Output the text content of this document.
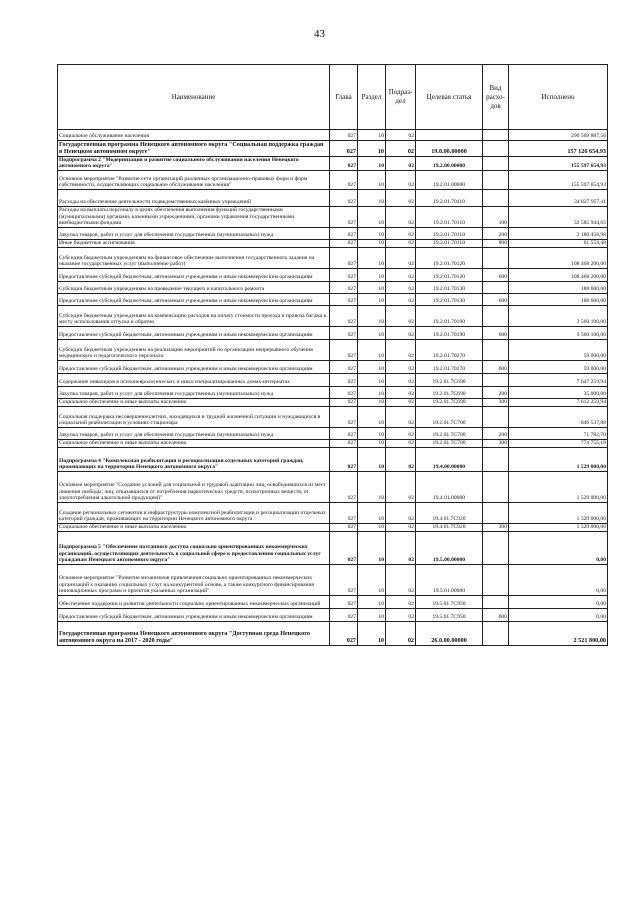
43
Наименование	Глава	Раздел	Подраз-дел	Целевая статья	Вид расхо-дов	Исполнено
Социальное обслуживание населения	027	10	02			290 569 887,56
Государственная программа Ненецкого автономного округа "Социальная поддержка граждан в Ненецком автономном округе"	027	10	02	19.0.00.00000		157 126 654,93
Подпрограмма 2 "Модернизация и развитие социального обслуживания населения Ненецкого автономного округа"	027	10	02	19.2.00.00000		155 597 654,93
Основное мероприятие "Развитие сети организаций различных организационно-правовых форм и форм собственности, осуществляющих социальное обслуживание населения"	027	10	02	19.2.01.00000		155 597 654,93
Расходы на обеспечение деятельности подведомственных казённых учреждений	027	10	02	19.2.01.70110		34 827 957,11
Расходы на выплаты персоналу в целях обеспечения выполнения функций государственными (муниципальными) органами, казенными учреждениями, органами управления государственными внебюджетными фондами	027	10	02	19.2.01.70110	100	32 585 944,65
Закупка товаров, работ и услуг для обеспечения государственных (муниципальных) нужд	027	10	02	19.2.01.70110	200	2 180 458,98
Иные бюджетные ассигнования	027	10	02	19.2.01.70110	800	61 553,48
Субсидии бюджетным учреждениям на финансовое обеспечение выполнения государственного задания на оказание государственных услуг (выполнение работ)	027	10	02	19.2.01.70120		108 468 200,00
Предоставление субсидий бюджетным, автономным учреждениям и иным некоммерческим организациям	027	10	02	19.2.01.70120	600	108 468 200,00
Субсидии бюджетным учреждениям на проведение текущего и капитального ремонта	027	10	02	19.2.01.70130		188 600,00
Предоставление субсидий бюджетным, автономным учреждениям и иным некоммерческим организациям	027	10	02	19.2.01.70130	600	188 600,00
Субсидии бюджетным учреждениям на компенсацию расходов на оплату стоимости проезда и провоза багажа к месту использования отпуска и обратно	027	10	02	19.2.01.70190		3 560 100,00
Предоставление субсидий бюджетным, автономным учреждениям и иным некоммерческим организациям	027	10	02	19.2.01.70190	600	3 560 100,00
Субсидии бюджетным учреждениям на реализацию мероприятий по организации непрерывного обучения медицинского и педагогического персонала	027	10	02	19.2.01.70270		59 000,00
Предоставление субсидий бюджетным, автономным учреждениям и иным некоммерческим организациям	027	10	02	19.2.01.70270	600	59 000,00
Содержание инвалидов в психоневрологических и иных специализированных домах-интернатах	027	10	02	19.2.01.7С690		7 647 259,94
Закупка товаров, работ и услуг для обеспечения государственных (муниципальных) нужд	027	10	02	19.2.01.7С690	200	35 000,00
Социальное обеспечение и иные выплаты населению	027	10	02	19.2.01.7С690	300	7 612 259,94
Социальная поддержка несовершеннолетних, находящихся в трудной жизненной ситуации и нуждающихся в социальной реабилитации в условиях стационара	027	10	02	19.2.01.7С700		846 537,88
Закупка товаров, работ и услуг для обеспечения государственных (муниципальных) нужд	027	10	02	19.2.01.7С700	200	71 782,70
Социальное обеспечение и иные выплаты населению	027	10	02	19.2.01.7С700	300	774 755,18
Подпрограмма 4 "Комплексная реабилитация и ресоциализация отдельных категорий граждан, проживающих на территории Ненецкого автономного округа"	027	10	02	19.4.00.00000		1 529 000,00
Основное мероприятие "Создание условий для социальной и трудовой адаптации лиц, освободившихся из мест лишения свободы, лиц, отказавшихся от потребления наркотических средств, психотропных веществ, от злоупотребления алкогольной продукцией"	027	10	02	19.4.01.00000		1 529 000,00
Создание региональных сегментов и инфраструктуры комплексной реабилитации и ресоциализации отдельных категорий граждан, проживающих на территории Ненецкого автономного округа	027	10	02	19.4.01.7С920		1 529 000,00
Социальное обеспечение и иные выплаты населению	027	10	02	19.4.01.7С920	300	1 529 000,00
Подпрограмма 5 "Обеспечение поэтапного доступа социально ориентированных некоммерческих организаций, осуществляющих деятельность в социальной сфере к предоставлению социальных услуг гражданам Ненецкого автономного округа"	027	10	02	19.5.00.00000		0,00
Основное мероприятие "Развитие механизмов привлечения социально ориентированных некоммерческих организаций к оказанию социальных услуг на конкурентной основе, а также конкурсного финансирования инновационных программ и проектов указанных организаций"	027	10	02	19.5.01.00000		0,00
Обеспечение поддержки и развития деятельности социально ориентированных некоммерческих организаций	027	10	02	19.5.01.7С950		0,00
Предоставление субсидий бюджетным, автономным учреждениям и иным некоммерческим организациям	027	10	02	19.5.01.7С950	600	0,00
Государственная программа Ненецкого автономного округа "Доступная среда Ненецкого автономного округа на 2017 - 2020 годы"	027	10	02	26.0.00.00000		2 521 800,00
